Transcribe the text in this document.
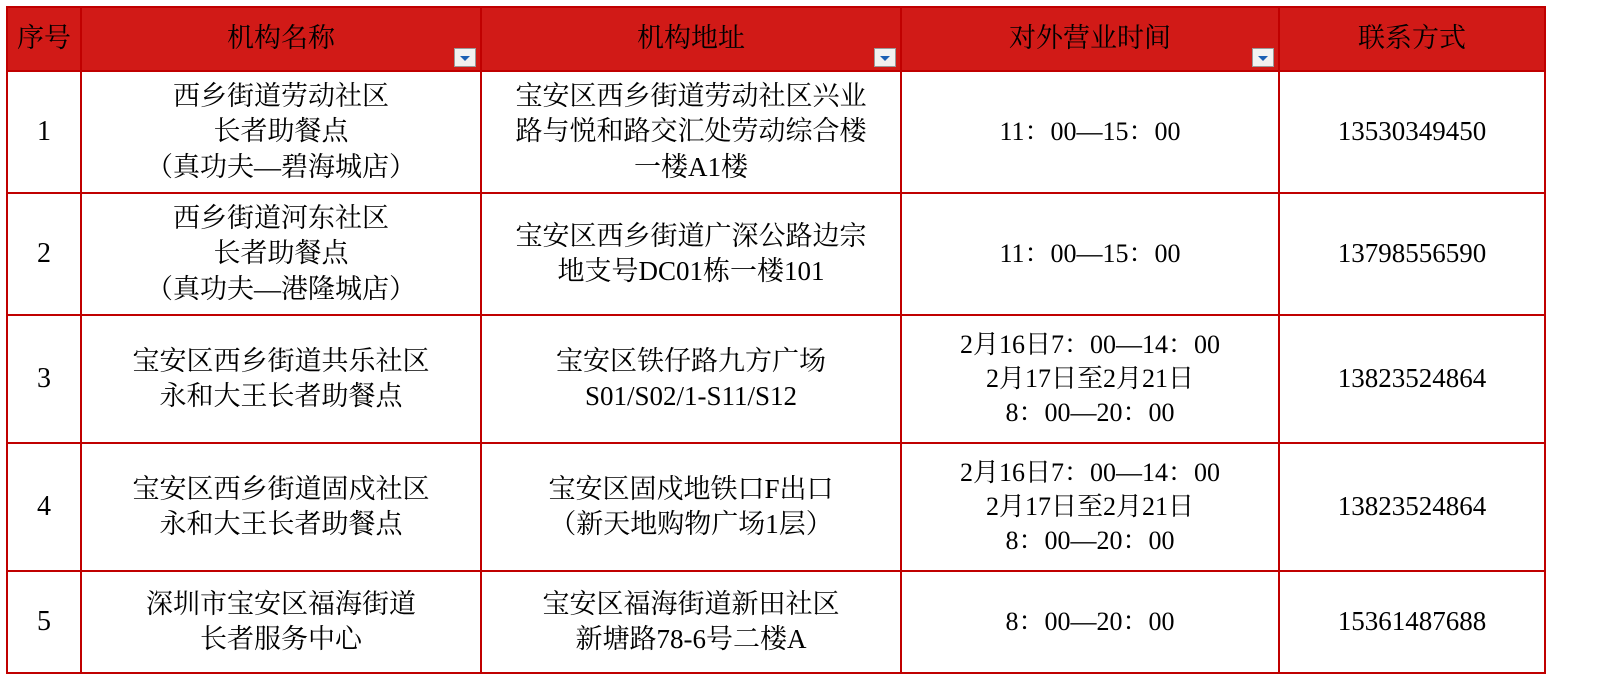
序号	机构名称	机构地址	对外营业时间	联系方式
1	西乡街道劳动社区
长者助餐点
（真功夫—碧海城店）	宝安区西乡街道劳动社区兴业
路与悦和路交汇处劳动综合楼
一楼A1楼	11：00—15：00	13530349450
2	西乡街道河东社区
长者助餐点
（真功夫—港隆城店）	宝安区西乡街道广深公路边宗
地支号DC01栋一楼101	11：00—15：00	13798556590
3	宝安区西乡街道共乐社区
永和大王长者助餐点	宝安区铁仔路九方广场
S01/S02/1-S11/S12	2月16日7：00—14：00
2月17日至2月21日
8：00—20：00	13823524864
4	宝安区西乡街道固戍社区
永和大王长者助餐点	宝安区固戍地铁口F出口
（新天地购物广场1层）	2月16日7：00—14：00
2月17日至2月21日
8：00—20：00	13823524864
5	深圳市宝安区福海街道
长者服务中心	宝安区福海街道新田社区
新塘路78-6号二楼A	8：00—20：00	15361487688
